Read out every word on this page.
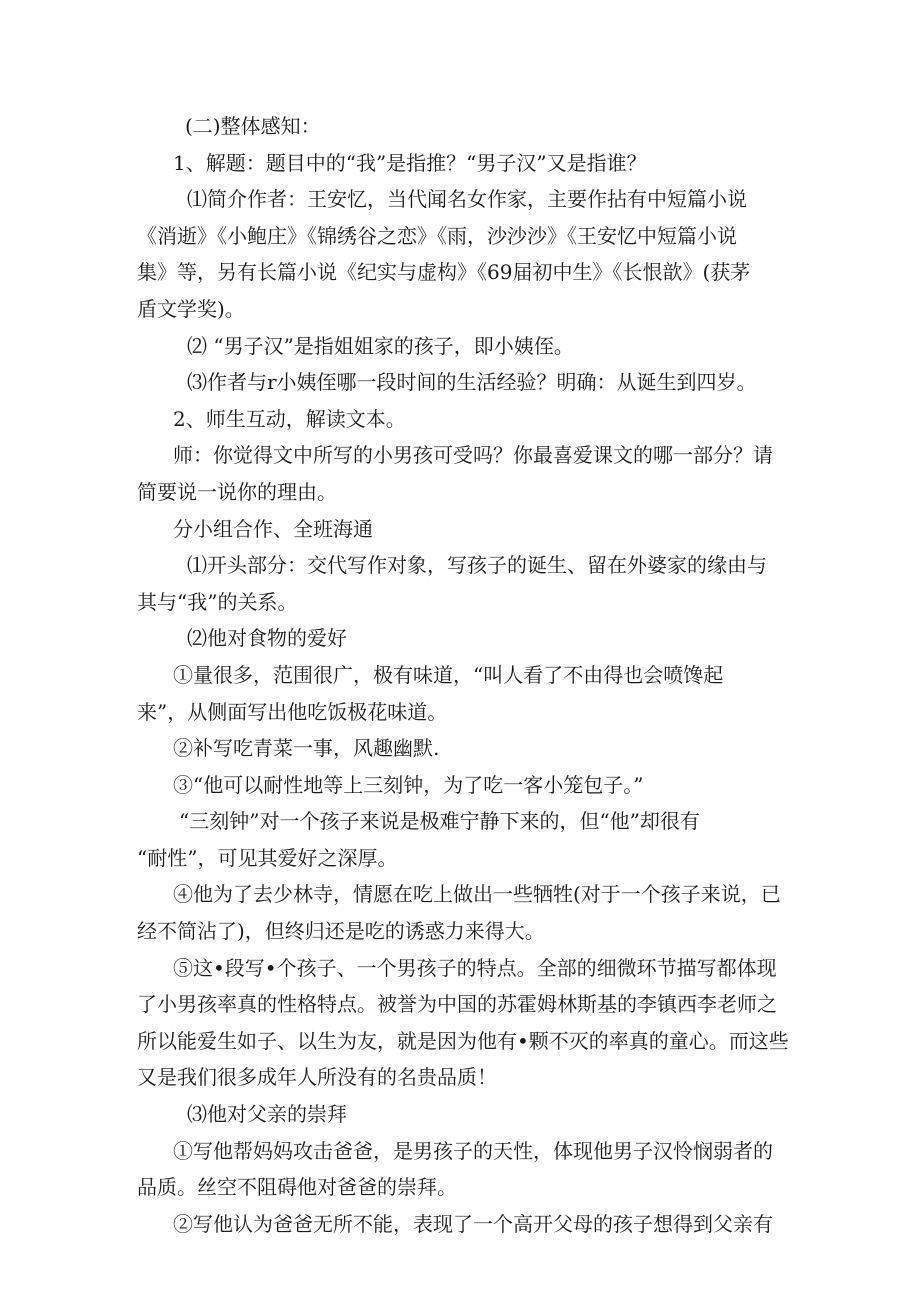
(二)整体感知：

1、解题：题目中的“我”是指推？“男子汉”又是指谁？

⑴简介作者：王安忆，当代闻名女作家，主要作拈有中短篇小说

《消逝》《小鲍庄》《锦绣谷之恋》《雨，沙沙沙》《王安忆中短篇小说

集》等，另有长篇小说《纪实与虚构》《69届初中生》《长恨歆》(获茅

盾文学奖)。

⑵ “男子汉”是指姐姐家的孩子，即小姨侄。

⑶作者与r小姨侄哪一段时间的生活经验？明确：从诞生到四岁。

2、师生互动，解读文本。

师：你觉得文中所写的小男孩可受吗？你最喜爱课文的哪一部分？请

简要说一说你的理由。

分小组合作、全班海通

⑴开头部分：交代写作对象，写孩子的诞生、留在外婆家的缘由与

其与“我”的关系。

⑵他对食物的爱好

①量很多，范围很广，极有味道，“叫人看了不由得也会喷馋起

来”，从侧面写出他吃饭极花味道。

②补写吃青菜一事，风趣幽默.

③“他可以耐性地等上三刻钟，为了吃一客小笼包子。”

“三刻钟”对一个孩子来说是极难宁静下来的，但“他”却很有

“耐性”，可见其爱好之深厚。

④他为了去少林寺，情愿在吃上做出一些牺牲(对于一个孩子来说，已

经不简沾了)，但终归还是吃的诱惑力来得大。

⑤这•段写•个孩子、一个男孩子的特点。全部的细微环节描写都体现

了小男孩率真的性格特点。被誉为中国的苏霍姆林斯基的李镇西李老师之

所以能爱生如子、以生为友，就是因为他有•颗不灭的率真的童心。而这些

又是我们很多成年人所没有的名贵品质！

⑶他对父亲的崇拜

①写他帮妈妈攻击爸爸，是男孩子的天性，体现他男子汉怜悯弱者的

品质。丝空不阻碍他对爸爸的崇拜。

②写他认为爸爸无所不能，表现了一个高开父母的孩子想得到父亲有
